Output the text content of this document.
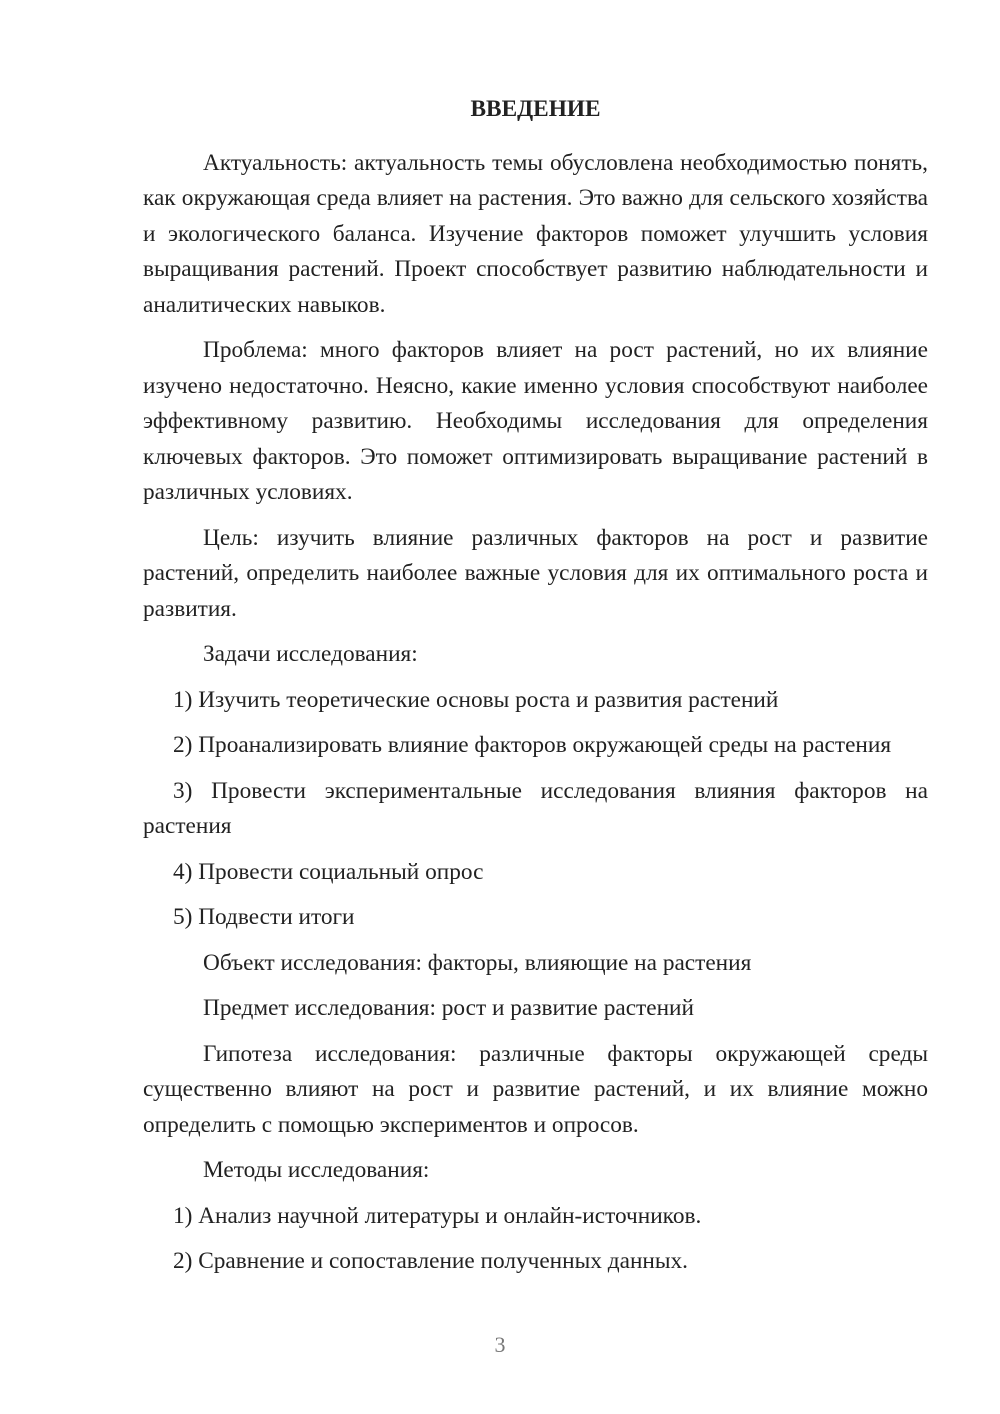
ВВЕДЕНИЕ

Актуальность: актуальность темы обусловлена необходимостью понять, как окружающая среда влияет на растения. Это важно для сельского хозяйства и экологического баланса. Изучение факторов поможет улучшить условия выращивания растений. Проект способствует развитию наблюдательности и аналитических навыков.

Проблема: много факторов влияет на рост растений, но их влияние изучено недостаточно. Неясно, какие именно условия способствуют наиболее эффективному развитию. Необходимы исследования для определения ключевых факторов. Это поможет оптимизировать выращивание растений в различных условиях.

Цель: изучить влияние различных факторов на рост и развитие растений, определить наиболее важные условия для их оптимального роста и развития.

Задачи исследования:

1) Изучить теоретические основы роста и развития растений

2) Проанализировать влияние факторов окружающей среды на растения

3) Провести экспериментальные исследования влияния факторов на растения

4) Провести социальный опрос

5) Подвести итоги

Объект исследования: факторы, влияющие на растения

Предмет исследования: рост и развитие растений

Гипотеза исследования: различные факторы окружающей среды существенно влияют на рост и развитие растений, и их влияние можно определить с помощью экспериментов и опросов.

Методы исследования:

1) Анализ научной литературы и онлайн-источников.

2) Сравнение и сопоставление полученных данных.

3
